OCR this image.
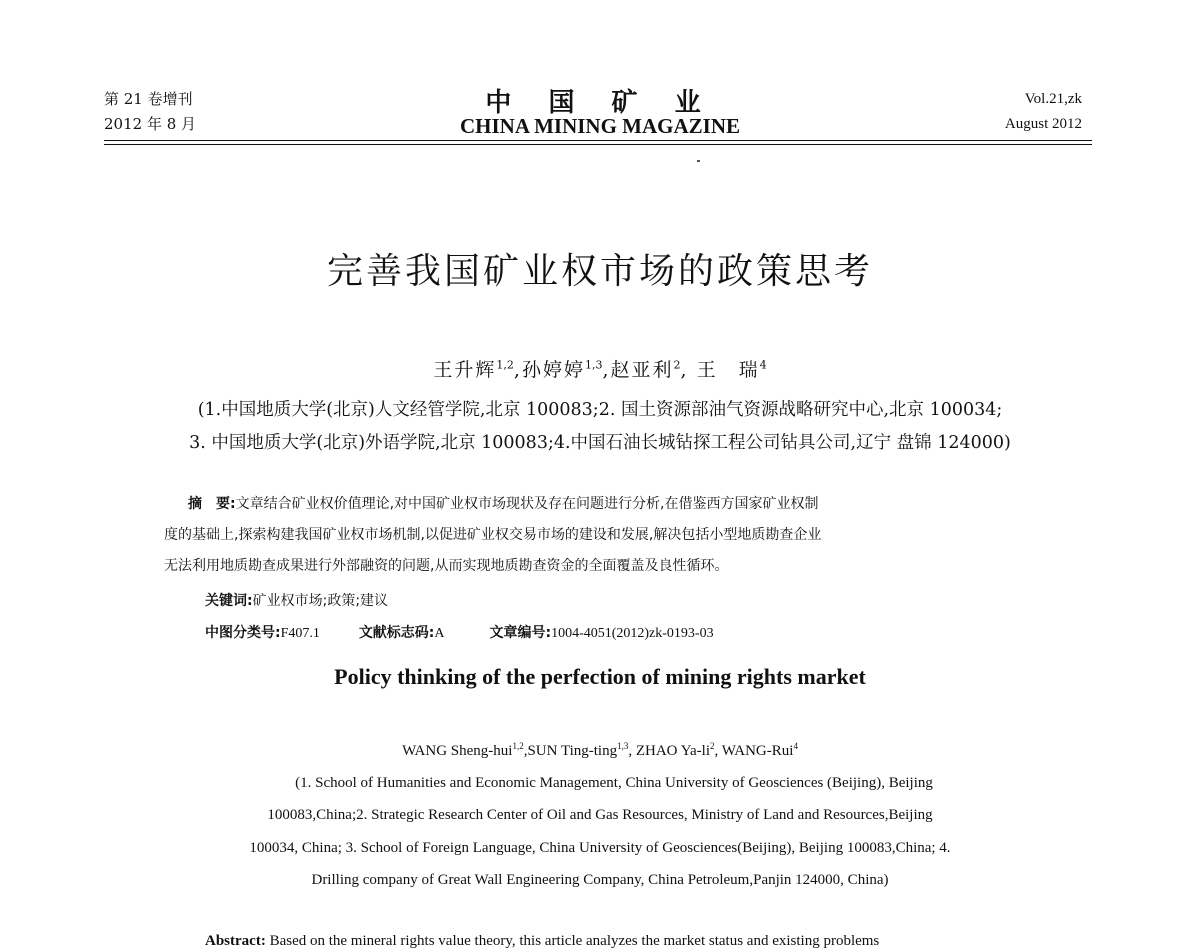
第 21 卷增刊
2012 年 8 月
中 国 矿 业
CHINA MINING MAGAZINE
Vol.21,zk
August 2012
完善我国矿业权市场的政策思考
王升辉$^{1,2}$,孙婷婷$^{1,3}$,赵亚利$^2$, 王　瑞$^4$
(1.中国地质大学(北京)人文经管学院,北京 100083;2. 国土资源部油气资源战略研究中心,北京 100034;
3. 中国地质大学(北京)外语学院,北京 100083;4.中国石油长城钻探工程公司钻具公司,辽宁 盘锦 124000)
摘　要:文章结合矿业权价值理论,对中国矿业权市场现状及存在问题进行分析,在借鉴西方国家矿业权制
度的基础上,探索构建我国矿业权市场机制,以促进矿业权交易市场的建设和发展,解决包括小型地质勘查企业
无法利用地质勘查成果进行外部融资的问题,从而实现地质勘查资金的全面覆盖及良性循环。
关键词:矿业权市场;政策;建议
中图分类号:F407.1	文献标志码:A	文章编号:1004-4051(2012)zk-0193-03
Policy thinking of the perfection of mining rights market
WANG Sheng-hui$^{1,2}$,SUN Ting-ting$^{1,3}$, ZHAO $Ya-li^2$, WANG-Rui$^4$
(1. School of Humanities and Economic Management, China University of Geosciences (Beijing), Beijing
100083,China;2. Strategic Research Center of Oil and Gas Resources, Ministry of Land and Resources,Beijing
100034, China; 3. School of Foreign Language, China University of Geosciences(Beijing), Beijing 100083,China; 4.
Drilling company of Great Wall Engineering Company, China Petroleum,Panjin 124000, China)
Abstract: Based on the mineral rights value theory, this article analyzes the market status and existing problems
